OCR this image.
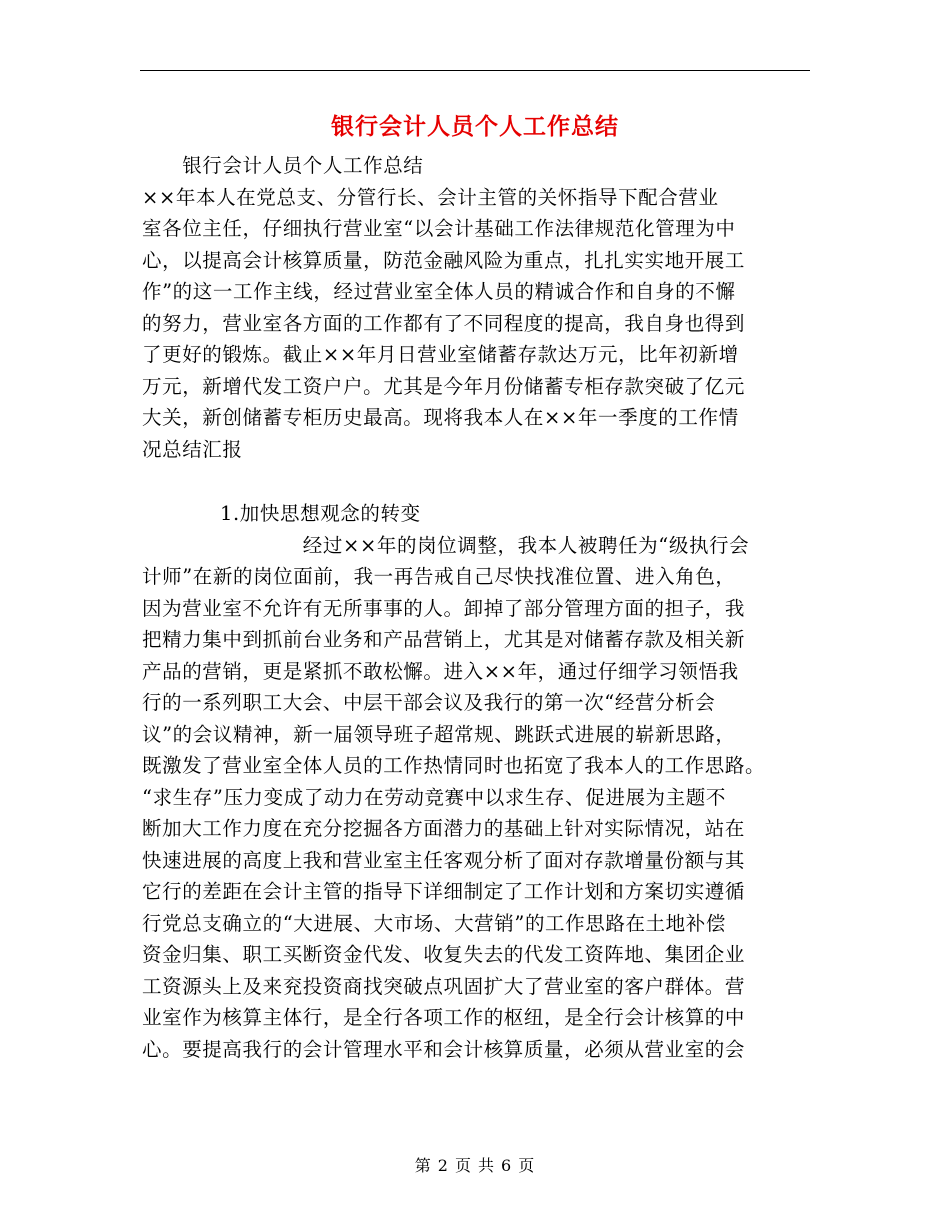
银行会计人员个人工作总结
　　银行会计人员个人工作总结
××年本人在党总支、分管行长、会计主管的关怀指导下配合营业
室各位主任，仔细执行营业室“以会计基础工作法律规范化管理为中
心，以提高会计核算质量，防范金融风险为重点，扎扎实实地开展工
作”的这一工作主线，经过营业室全体人员的精诚合作和自身的不懈
的努力，营业室各方面的工作都有了不同程度的提高，我自身也得到
了更好的锻炼。截止××年月日营业室储蓄存款达万元，比年初新增
万元，新增代发工资户户。尤其是今年月份储蓄专柜存款突破了亿元
大关，新创储蓄专柜历史最高。现将我本人在××年一季度的工作情
况总结汇报
1.加快思想观念的转变
　　　　　　　　经过××年的岗位调整，我本人被聘任为“级执行会
计师”在新的岗位面前，我一再告戒自己尽快找准位置、进入角色，
因为营业室不允许有无所事事的人。卸掉了部分管理方面的担子，我
把精力集中到抓前台业务和产品营销上，尤其是对储蓄存款及相关新
产品的营销，更是紧抓不敢松懈。进入××年，通过仔细学习领悟我
行的一系列职工大会、中层干部会议及我行的第一次“经营分析会
议”的会议精神，新一届领导班子超常规、跳跃式进展的崭新思路，
既激发了营业室全体人员的工作热情同时也拓宽了我本人的工作思路。
“求生存”压力变成了动力在劳动竞赛中以求生存、促进展为主题不
断加大工作力度在充分挖掘各方面潜力的基础上针对实际情况，站在
快速进展的高度上我和营业室主任客观分析了面对存款增量份额与其
它行的差距在会计主管的指导下详细制定了工作计划和方案切实遵循
行党总支确立的“大进展、大市场、大营销”的工作思路在土地补偿
资金归集、职工买断资金代发、收复失去的代发工资阵地、集团企业
工资源头上及来兖投资商找突破点巩固扩大了营业室的客户群体。营
业室作为核算主体行，是全行各项工作的枢纽，是全行会计核算的中
心。要提高我行的会计管理水平和会计核算质量，必须从营业室的会
第 2 页 共 6 页
